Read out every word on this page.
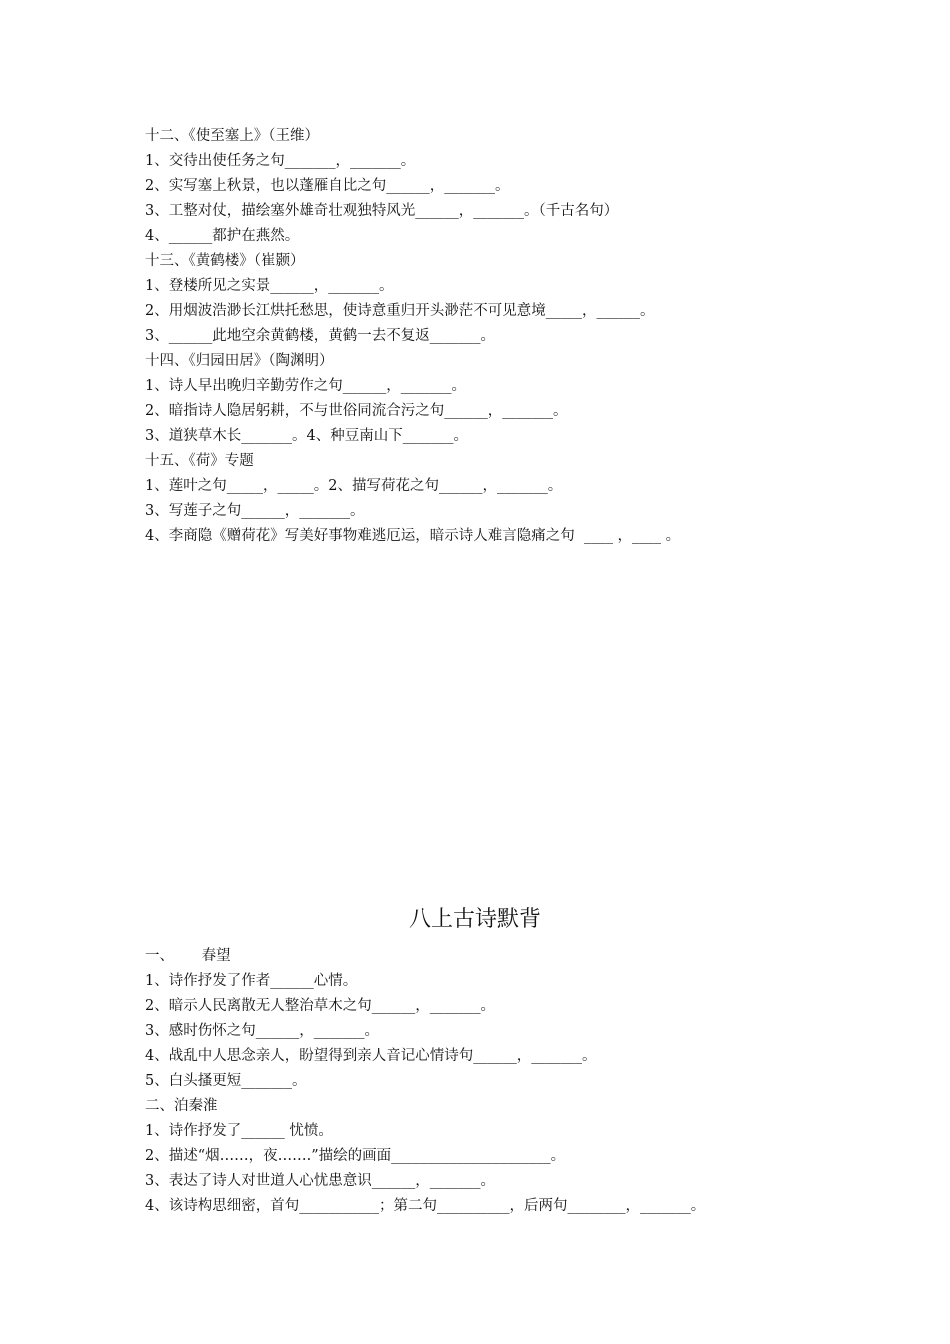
十二、《使至塞上》（王维）
1、交待出使任务之句_______，_______。
2、实写塞上秋景，也以蓬雁自比之句______，_______。
3、工整对仗，描绘塞外雄奇壮观独特风光______，_______。（千古名句）
4、______都护在燕然。
十三、《黄鹤楼》（崔颢）
1、登楼所见之实景______，_______。
2、用烟波浩渺长江烘托愁思，使诗意重归开头渺茫不可见意境_____，______。
3、______此地空余黄鹤楼，黄鹤一去不复返_______。
十四、《归园田居》（陶渊明）
1、诗人早出晚归辛勤劳作之句______，_______。
2、暗指诗人隐居躬耕，不与世俗同流合污之句______，_______。
3、道狭草木长_______。4、种豆南山下_______。
十五、《荷》专题
1、莲叶之句_____，_____。2、描写荷花之句______，_______。
3、写莲子之句______，_______。
4、李商隐《赠荷花》写美好事物难逃厄运，暗示诗人难言隐痛之句  ____ ，____ 。
八上古诗默背
一、      春望
1、诗作抒发了作者______心情。
2、暗示人民离散无人整治草木之句______，_______。
3、感时伤怀之句______，_______。
4、战乱中人思念亲人，盼望得到亲人音记心情诗句______，_______。
5、白头搔更短_______。
二、泊秦淮
1、诗作抒发了______ 忧愤。
2、描述“烟……，夜…….”描绘的画面______________________。
3、表达了诗人对世道人心忧患意识______，_______。
4、该诗构思细密，首句___________；第二句__________，后两句________，_______。
